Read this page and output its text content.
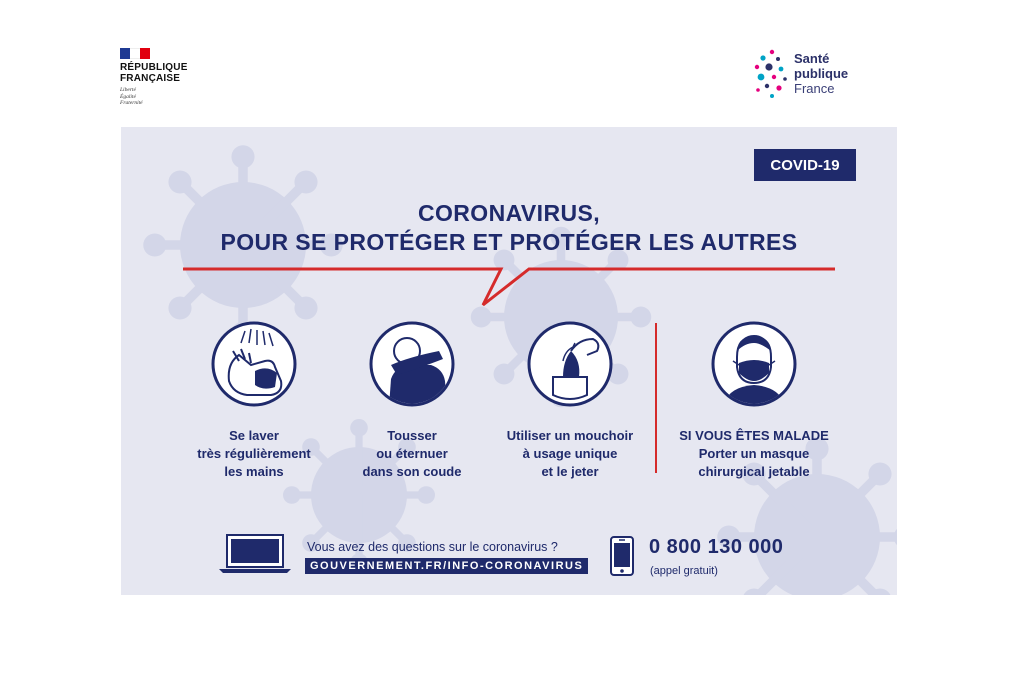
RÉPUBLIQUE
FRANÇAISE
Liberté
Égalité
Fraternité
Santé
publique
France
COVID-19
CORONAVIRUS,
POUR SE PROTÉGER ET PROTÉGER LES AUTRES
Se laver
très régulièrement
les mains
Tousser
ou éternuer
dans son coude
Utiliser un mouchoir
à usage unique
et le jeter
SI VOUS ÊTES MALADE
Porter un masque
chirurgical jetable
Vous avez des questions sur le coronavirus ?
GOUVERNEMENT.FR/INFO-CORONAVIRUS
0 800 130 000
(appel gratuit)
